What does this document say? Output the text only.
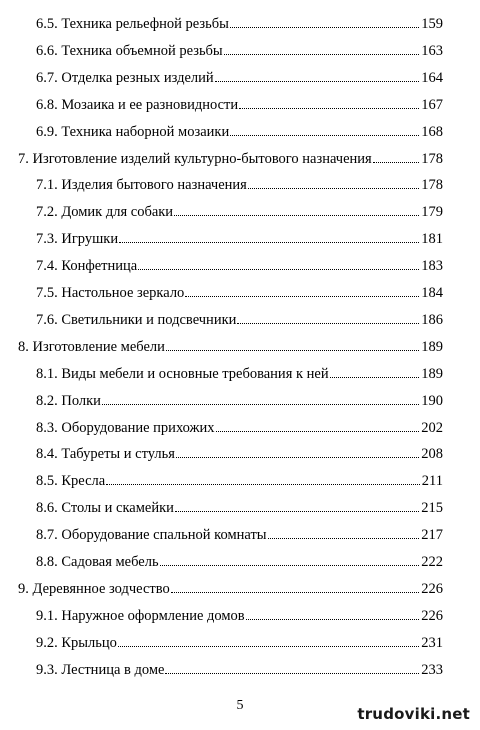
6.5. Техника рельефной резьбы	159
6.6. Техника объемной резьбы	163
6.7. Отделка резных изделий	164
6.8. Мозаика и ее разновидности	167
6.9. Техника наборной мозаики	168
7. Изготовление изделий культурно-бытового назначения	178
7.1. Изделия бытового назначения	178
7.2. Домик для собаки	179
7.3. Игрушки	181
7.4. Конфетница	183
7.5. Настольное зеркало	184
7.6. Светильники и подсвечники	186
8. Изготовление мебели	189
8.1. Виды мебели и основные требования к ней	189
8.2. Полки	190
8.3. Оборудование прихожих	202
8.4. Табуреты и стулья	208
8.5. Кресла	211
8.6. Столы и скамейки	215
8.7. Оборудование спальной комнаты	217
8.8. Садовая мебель	222
9. Деревянное зодчество	226
9.1. Наружное оформление домов	226
9.2. Крыльцо	231
9.3. Лестница в доме	233
5	trudoviki.net
